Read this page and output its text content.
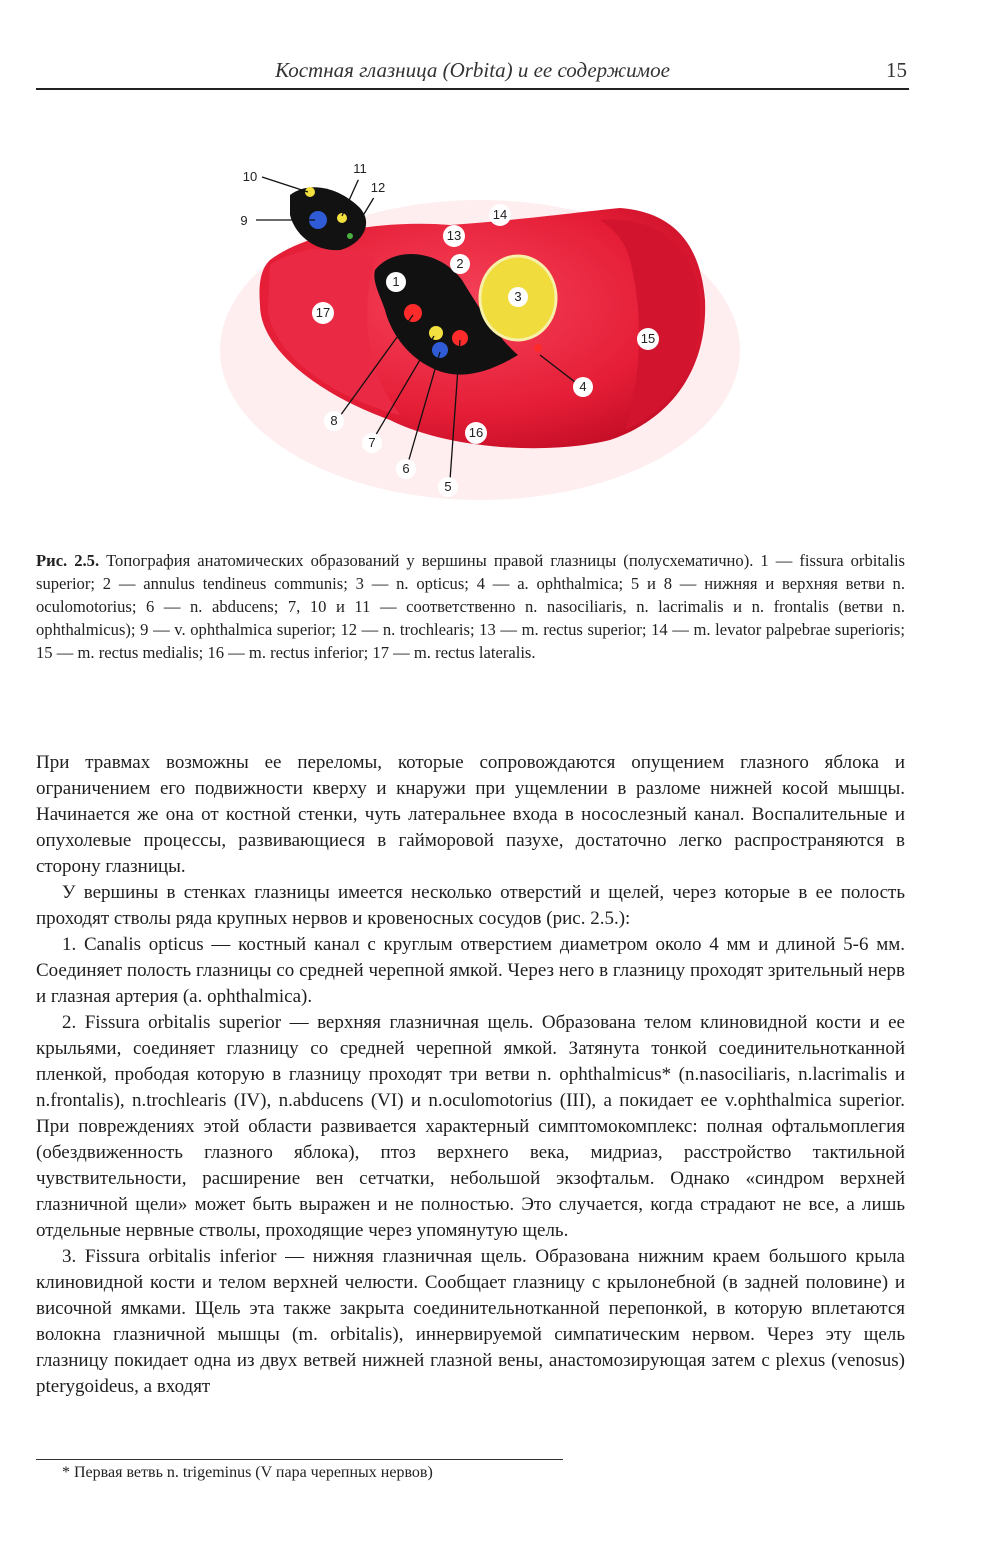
Костная глазница (Orbita) и ее содержимое	15
1
2
3
4
5
6
7
8
9
10
11
12
13
14
15
16
17
Рис. 2.5. Топография анатомических образований у вершины правой глазницы (полусхематично). 1 — fissura orbitalis superior; 2 — annulus tendineus communis; 3 — n. opticus; 4 — a. ophthalmica; 5 и 8 — нижняя и верхняя ветви n. oculomotorius; 6 — n. abducens; 7, 10 и 11 — соответственно n. nasociliaris, n. lacrimalis и n. frontalis (ветви n. ophthalmicus); 9 — v. ophthalmica superior; 12 — n. trochlearis; 13 — m. rectus superior; 14 — m. levator palpebrae superioris; 15 — m. rectus medialis; 16 — m. rectus inferior; 17 — m. rectus lateralis.

При травмах возможны ее переломы, которые сопровождаются опущением глазного яблока и ограничением его подвижности кверху и кнаружи при ущемлении в разломе нижней косой мышцы. Начинается же она от костной стенки, чуть латеральнее входа в носослезный канал. Воспалительные и опухолевые процессы, развивающиеся в гайморовой пазухе, достаточно легко распространяются в сторону глазницы.

У вершины в стенках глазницы имеется несколько отверстий и щелей, через которые в ее полость проходят стволы ряда крупных нервов и кровеносных сосудов (рис. 2.5.):

1. Canalis opticus — костный канал с круглым отверстием диаметром около 4 мм и длиной 5-6 мм. Соединяет полость глазницы со средней черепной ямкой. Через него в глазницу проходят зрительный нерв и глазная артерия (a. ophthalmica).

2. Fissura orbitalis superior — верхняя глазничная щель. Образована телом клиновидной кости и ее крыльями, соединяет глазницу со средней черепной ямкой. Затянута тонкой соединительнотканной пленкой, прободая которую в глазницу проходят три ветви n. ophthalmicus* (n.nasociliaris, n.lacrimalis и n.frontalis), n.trochlearis (IV), n.abducens (VI) и n.oculomotorius (III), а покидает ее v.ophthalmica superior. При повреждениях этой области развивается характерный симптомокомплекс: полная офтальмоплегия (обездвиженность глазного яблока), птоз верхнего века, мидриаз, расстройство тактильной чувствительности, расширение вен сетчатки, небольшой экзофтальм. Однако «синдром верхней глазничной щели» может быть выражен и не полностью. Это случается, когда страдают не все, а лишь отдельные нервные стволы, проходящие через упомянутую щель.

3. Fissura orbitalis inferior — нижняя глазничная щель. Образована нижним краем большого крыла клиновидной кости и телом верхней челюсти. Сообщает глазницу с крылонебной (в задней половине) и височной ямками. Щель эта также закрыта соединительнотканной перепонкой, в которую вплетаются волокна глазничной мышцы (m. orbitalis), иннервируемой симпатическим нервом. Через эту щель глазницу покидает одна из двух ветвей нижней глазной вены, анастомозирующая затем с plexus (venosus) pterygoideus, а входят

* Первая ветвь n. trigeminus (V пара черепных нервов)
